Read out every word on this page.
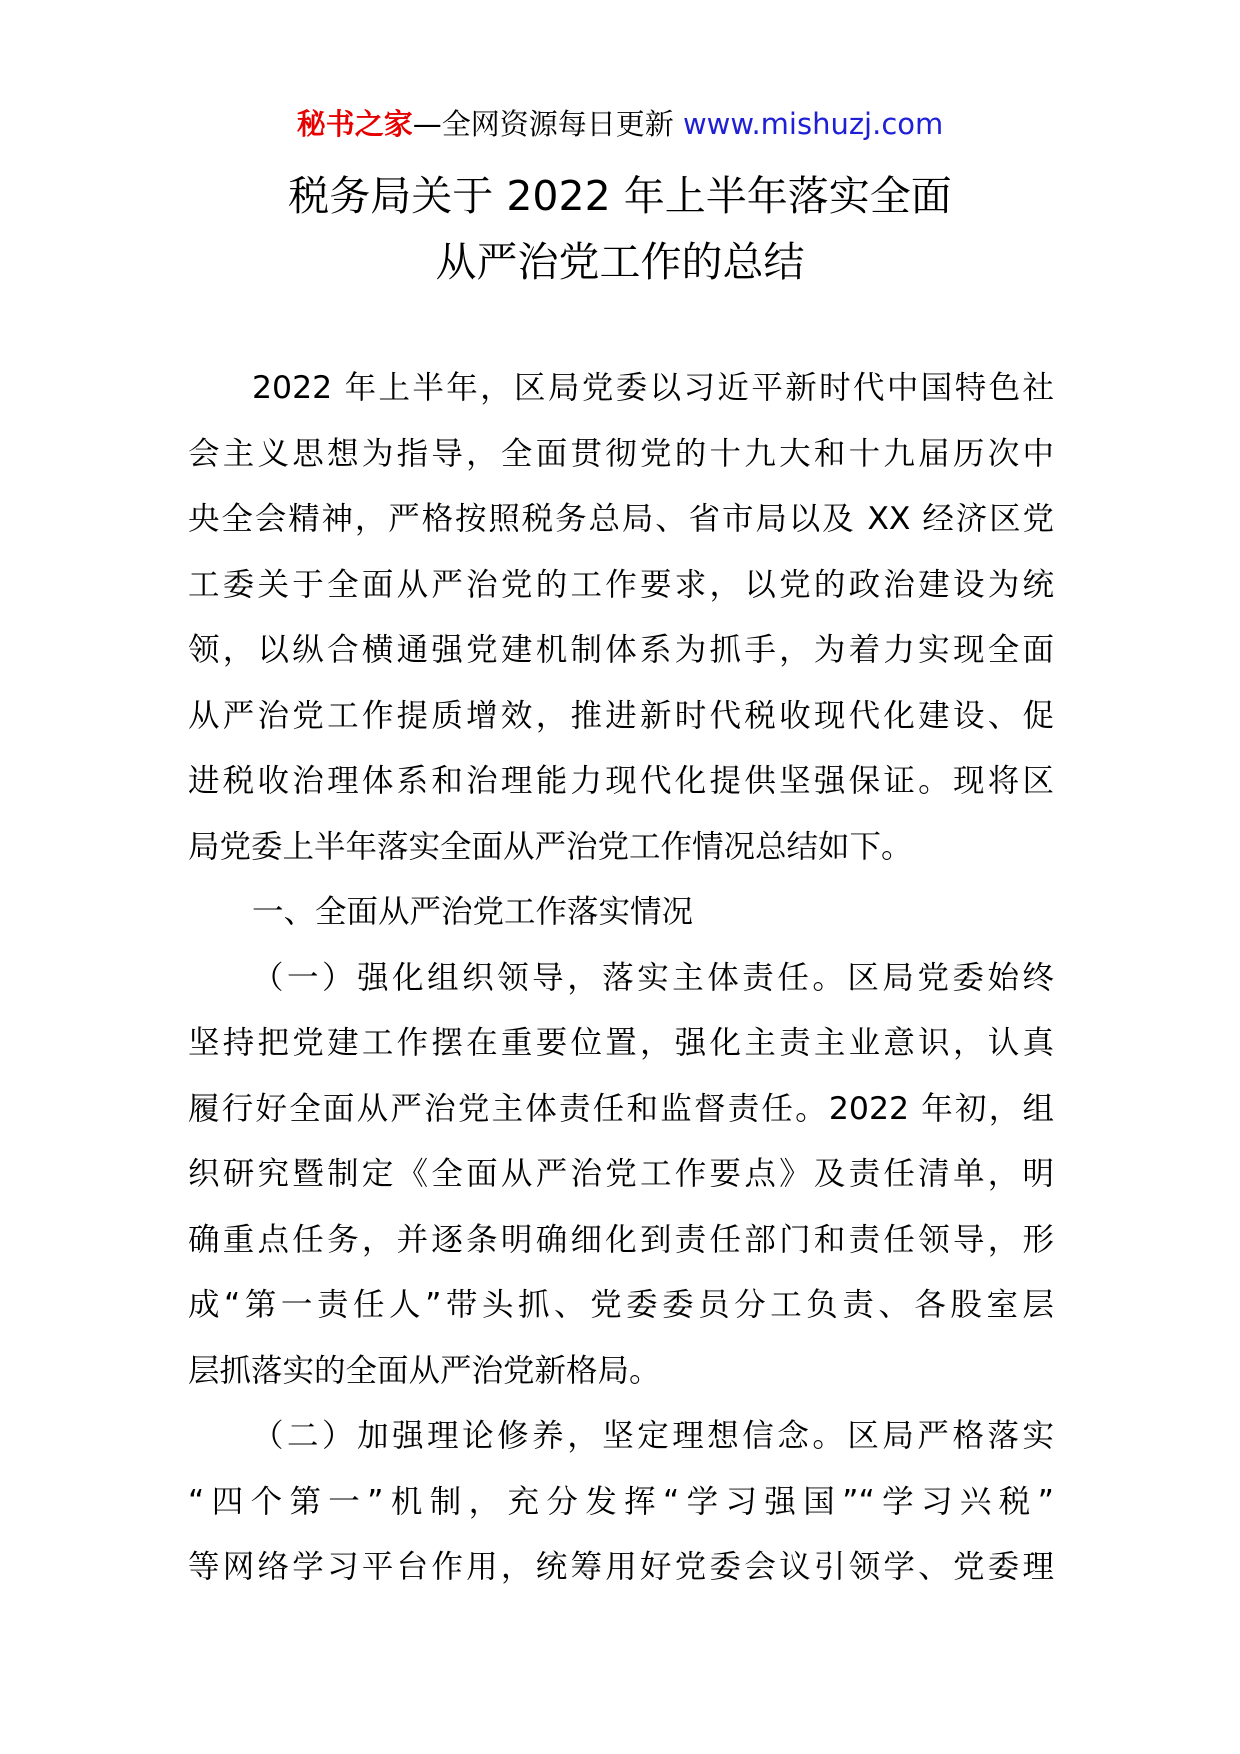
秘书之家—全网资源每日更新 www.mishuzj.com
税务局关于 2022 年上半年落实全面
从严治党工作的总结
2022 年上半年，区局党委以习近平新时代中国特色社
会主义思想为指导，全面贯彻党的十九大和十九届历次中
央全会精神，严格按照税务总局、省市局以及 XX 经济区党
工委关于全面从严治党的工作要求，以党的政治建设为统
领，以纵合横通强党建机制体系为抓手，为着力实现全面
从严治党工作提质增效，推进新时代税收现代化建设、促
进税收治理体系和治理能力现代化提供坚强保证。现将区
局党委上半年落实全面从严治党工作情况总结如下。
一、全面从严治党工作落实情况
（一）强化组织领导，落实主体责任。区局党委始终
坚持把党建工作摆在重要位置，强化主责主业意识，认真
履行好全面从严治党主体责任和监督责任。2022 年初，组
织研究暨制定《全面从严治党工作要点》及责任清单，明
确重点任务，并逐条明确细化到责任部门和责任领导，形
成“第一责任人”带头抓、党委委员分工负责、各股室层
层抓落实的全面从严治党新格局。
（二）加强理论修养，坚定理想信念。区局严格落实
“四个第一”机制，充分发挥“学习强国”“学习兴税”
等网络学习平台作用，统筹用好党委会议引领学、党委理
